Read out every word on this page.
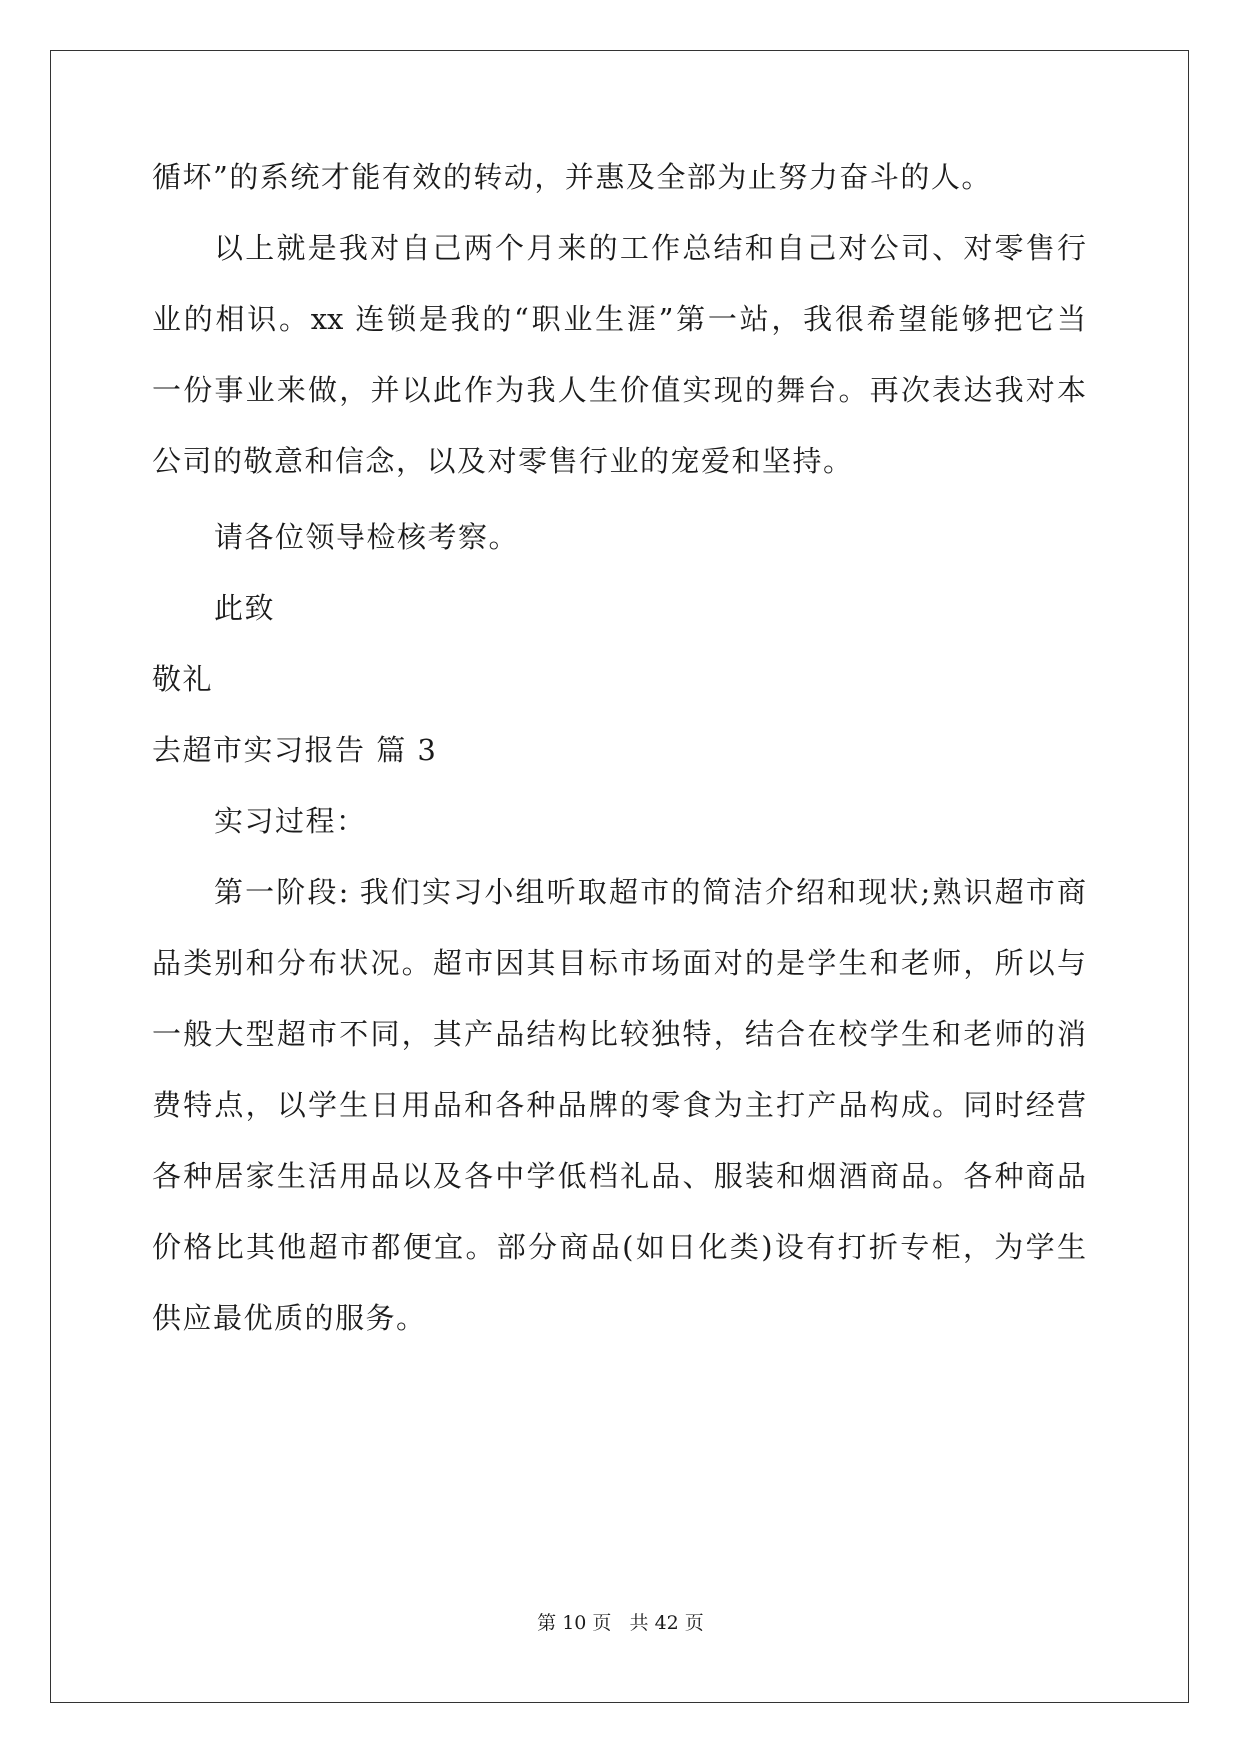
循坏”的系统才能有效的转动，并惠及全部为止努力奋斗的人。
以上就是我对自己两个月来的工作总结和自己对公司、对零售行
业的相识。xx 连锁是我的“职业生涯”第一站，我很希望能够把它当
一份事业来做，并以此作为我人生价值实现的舞台。再次表达我对本
公司的敬意和信念，以及对零售行业的宠爱和坚持。
请各位领导检核考察。
此致
敬礼
去超市实习报告 篇 3
实习过程：
第一阶段: 我们实习小组听取超市的简洁介绍和现状;熟识超市商
品类别和分布状况。超市因其目标市场面对的是学生和老师，所以与
一般大型超市不同，其产品结构比较独特，结合在校学生和老师的消
费特点，以学生日用品和各种品牌的零食为主打产品构成。同时经营
各种居家生活用品以及各中学低档礼品、服装和烟酒商品。各种商品
价格比其他超市都便宜。部分商品(如日化类)设有打折专柜，为学生
供应最优质的服务。
第 10 页   共 42 页
